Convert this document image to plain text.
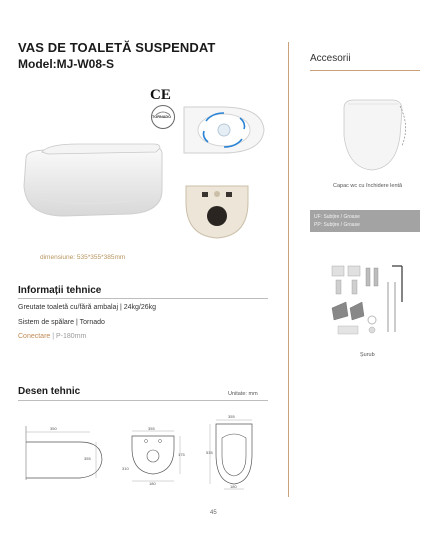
VAS DE TOALETĂ SUSPENDAT
Model:MJ-W08-S
CE
TORNADO
dimensiune: 535*355*385mm
Informații tehnice
Greutate toaletă cu/fără ambalaj | 24kg/26kg
Sistem de spălare | Tornado
Conectare | P-180mm
Desen tehnic	Unitate: mm
350
355
355
180
175
310
355
535
180
Accesorii
Capac wc cu închidere lentă
UF: Subțire / Groase
PP: Subțire / Groase
Șurub
45
